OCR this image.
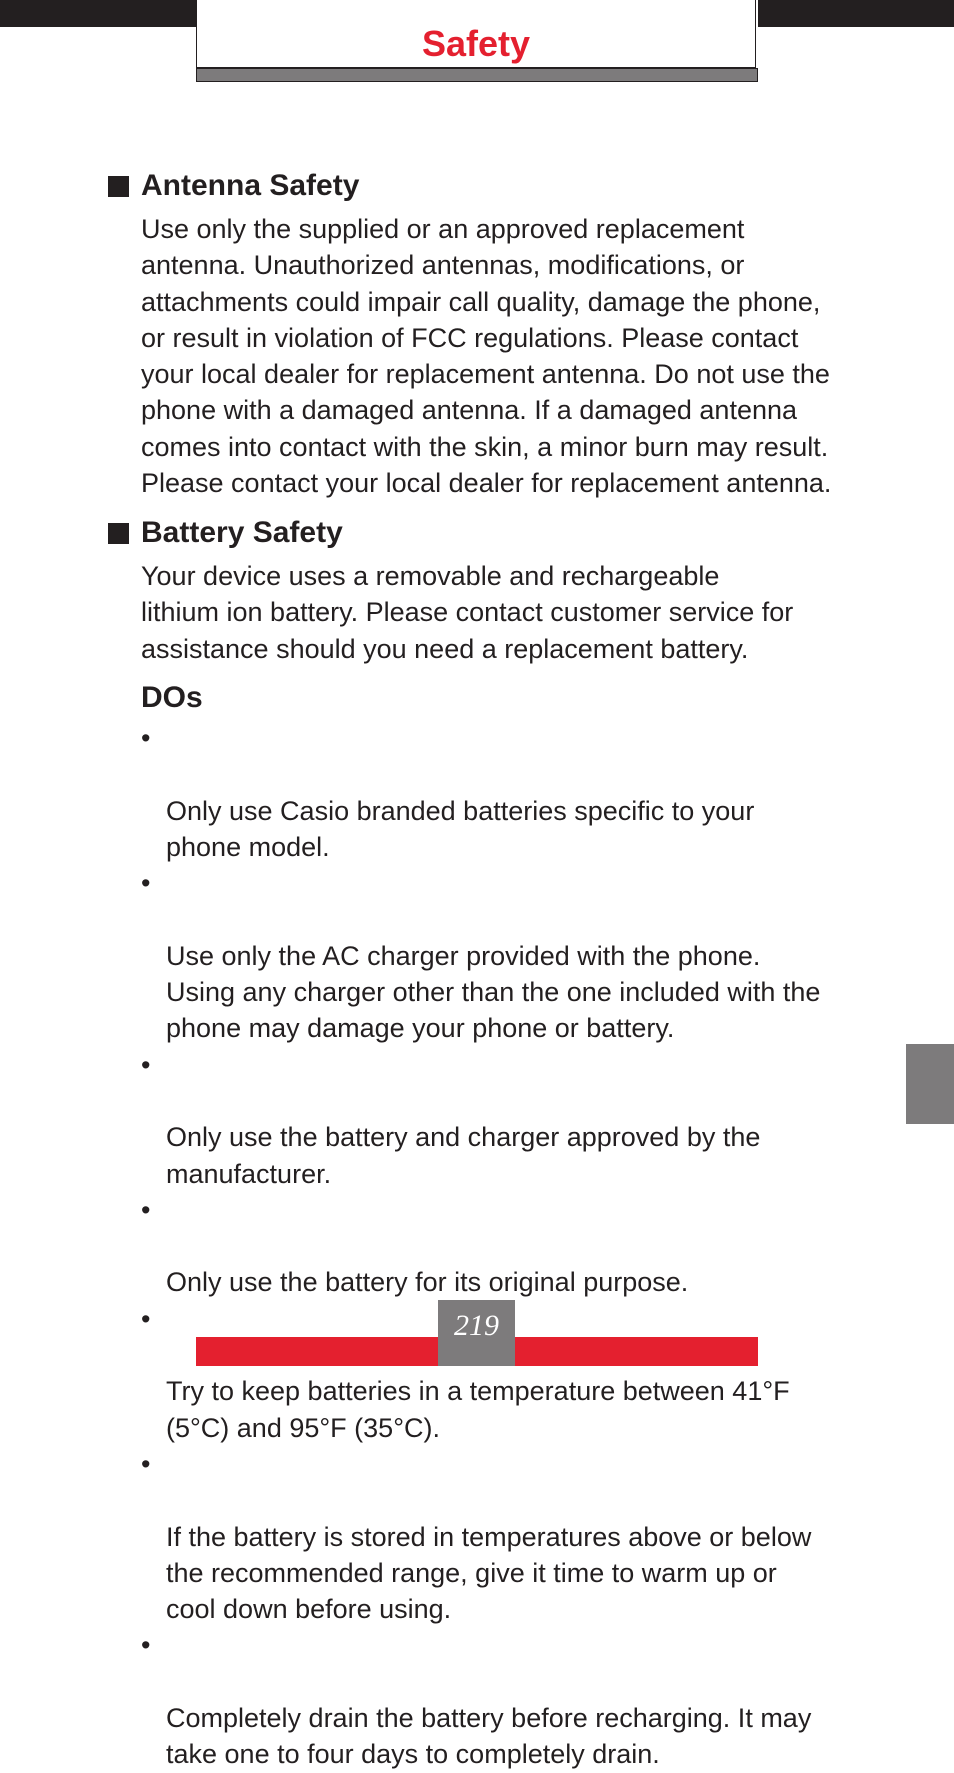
Safety
Antenna Safety
Use only the supplied or an approved replacement
antenna. Unauthorized antennas, modifications, or
attachments could impair call quality, damage the phone,
or result in violation of FCC regulations. Please contact
your local dealer for replacement antenna. Do not use the
phone with a damaged antenna. If a damaged antenna
comes into contact with the skin, a minor burn may result.
Please contact your local dealer for replacement antenna.
Battery Safety
Your device uses a removable and rechargeable
lithium ion battery. Please contact customer service for
assistance should you need a replacement battery.
DOs

•

Only use Casio branded batteries specific to your
phone model.

•

Use only the AC charger provided with the phone.
Using any charger other than the one included with the
phone may damage your phone or battery.

•

Only use the battery and charger approved by the
manufacturer.

•

Only use the battery for its original purpose.

•

Try to keep batteries in a temperature between 41°F
(5°C) and 95°F (35°C).

•

If the battery is stored in temperatures above or below
the recommended range, give it time to warm up or
cool down before using.

•

Completely drain the battery before recharging. It may
take one to four days to completely drain.

219
